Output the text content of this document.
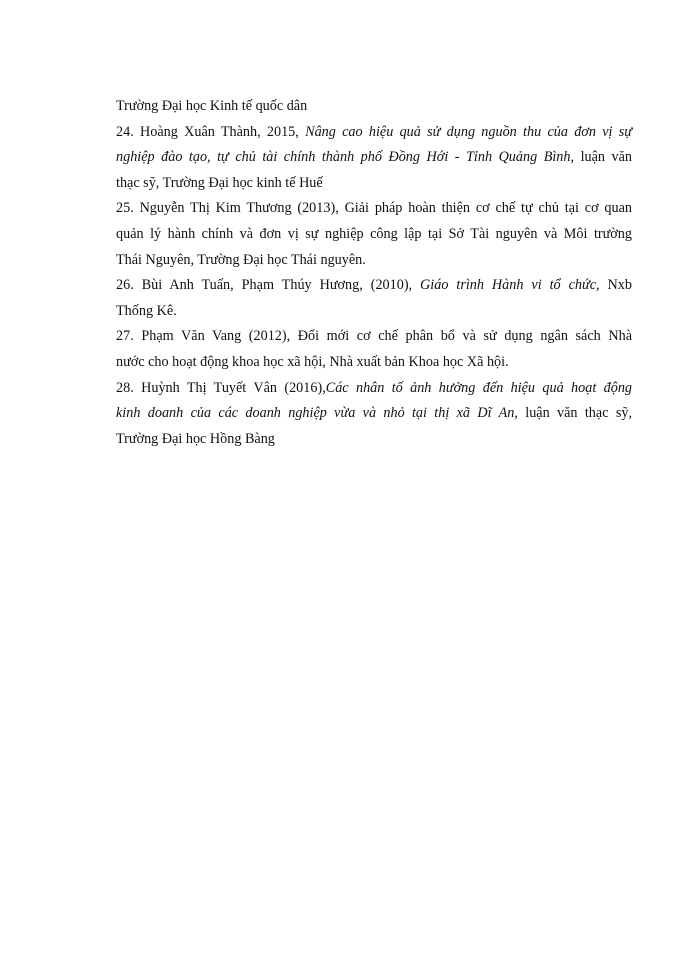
Trường Đại học Kinh tế quốc dân
24. Hoàng Xuân Thành, 2015, Nâng cao hiệu quả sử dụng nguồn thu của đơn vị sự
nghiệp đào tạo, tự chủ tài chính thành phố Đồng Hới - Tỉnh Quảng Bình, luận văn
thạc sỹ, Trường Đại học kinh tế Huế
25. Nguyễn Thị Kim Thương (2013), Giải pháp hoàn thiện cơ chế tự chủ tại cơ quan
quản lý hành chính và đơn vị sự nghiệp công lập tại Sở Tài nguyên và Môi trường
Thái Nguyên, Trường Đại học Thái nguyên.
26. Bùi Anh Tuấn, Phạm Thúy Hương, (2010), Giáo trình Hành vi tổ chức, Nxb
Thống Kê.
27. Phạm Văn Vang (2012), Đổi mới cơ chế phân bổ và sử dụng ngân sách Nhà
nước cho hoạt động khoa học xã hội, Nhà xuất bản Khoa học Xã hội.
28. Huỳnh Thị Tuyết Vân (2016),Các nhân tố ảnh hưởng đến hiệu quả hoạt động
kinh doanh của các doanh nghiệp vừa và nhỏ tại thị xã Dĩ An, luận văn thạc sỹ,
Trường Đại học Hồng Bàng
